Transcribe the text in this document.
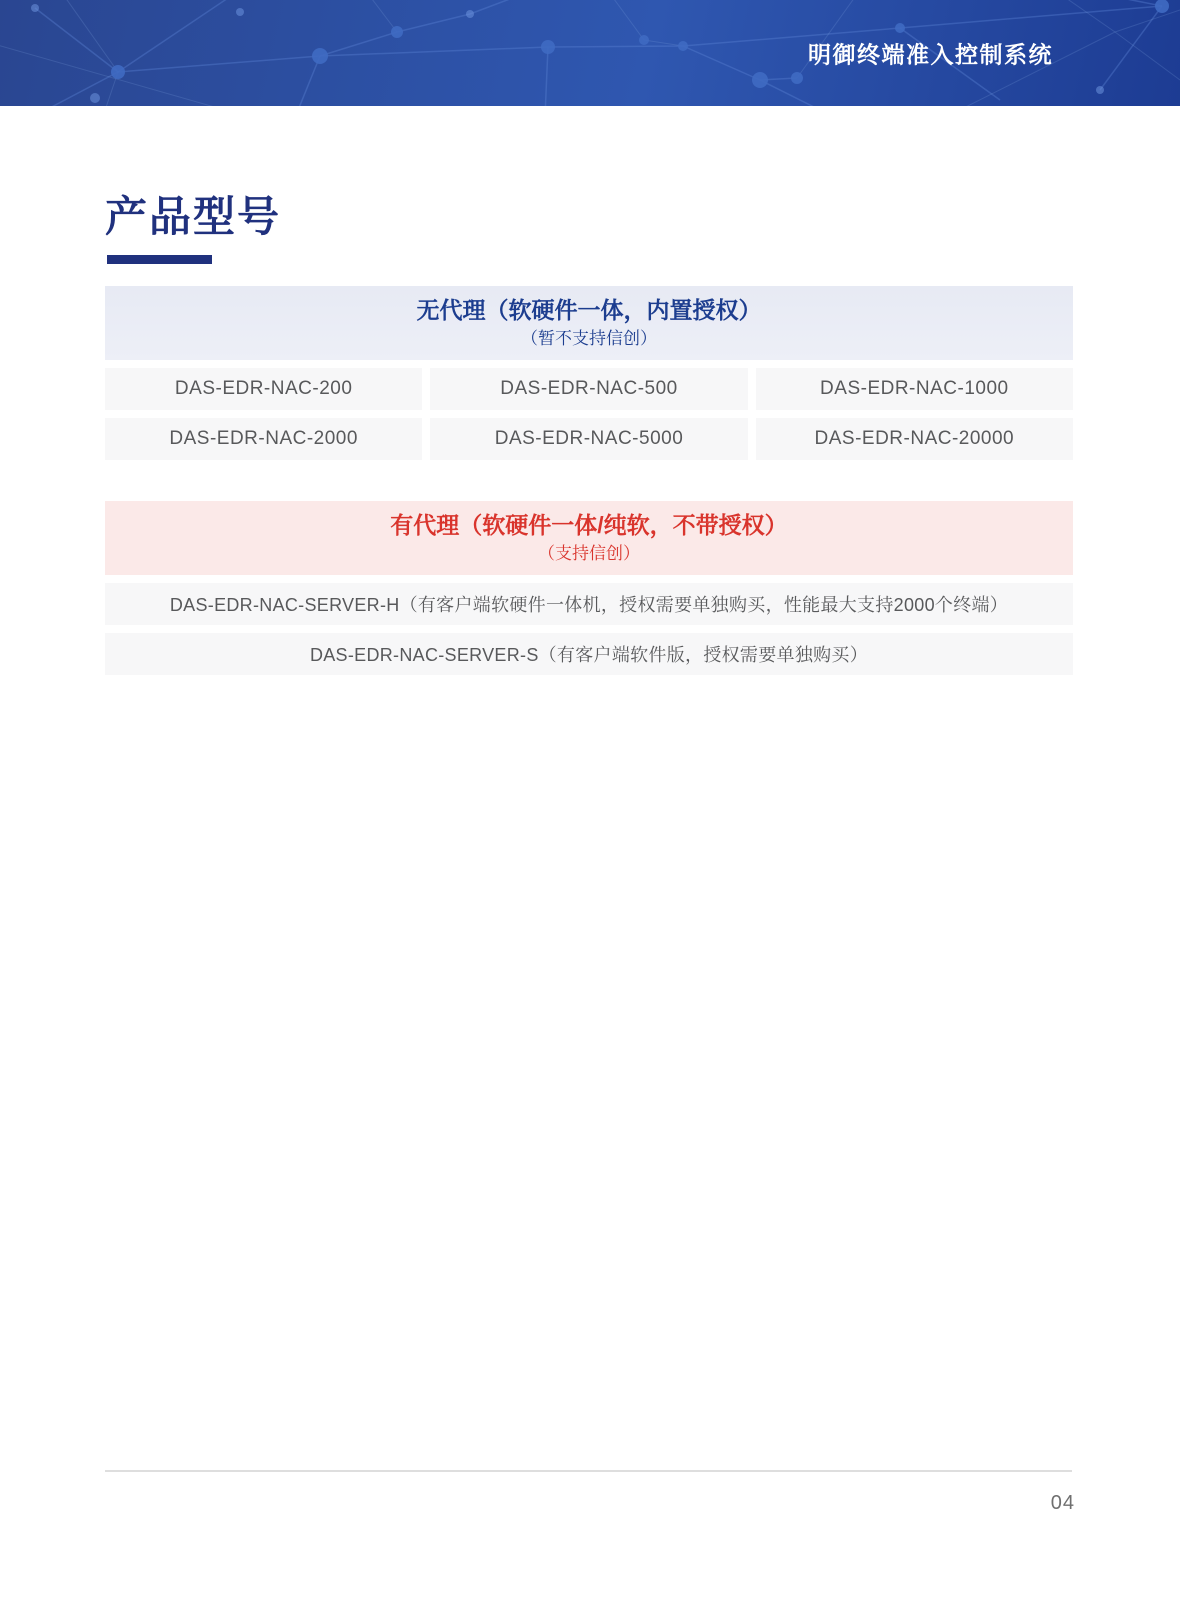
明御终端准入控制系统
产品型号
无代理（软硬件一体，内置授权）
（暂不支持信创）
DAS-EDR-NAC-200	DAS-EDR-NAC-500	DAS-EDR-NAC-1000
DAS-EDR-NAC-2000	DAS-EDR-NAC-5000	DAS-EDR-NAC-20000
有代理（软硬件一体/纯软，不带授权）
（支持信创）
DAS-EDR-NAC-SERVER-H（有客户端软硬件一体机，授权需要单独购买，性能最大支持2000个终端）
DAS-EDR-NAC-SERVER-S（有客户端软件版，授权需要单独购买）
04
